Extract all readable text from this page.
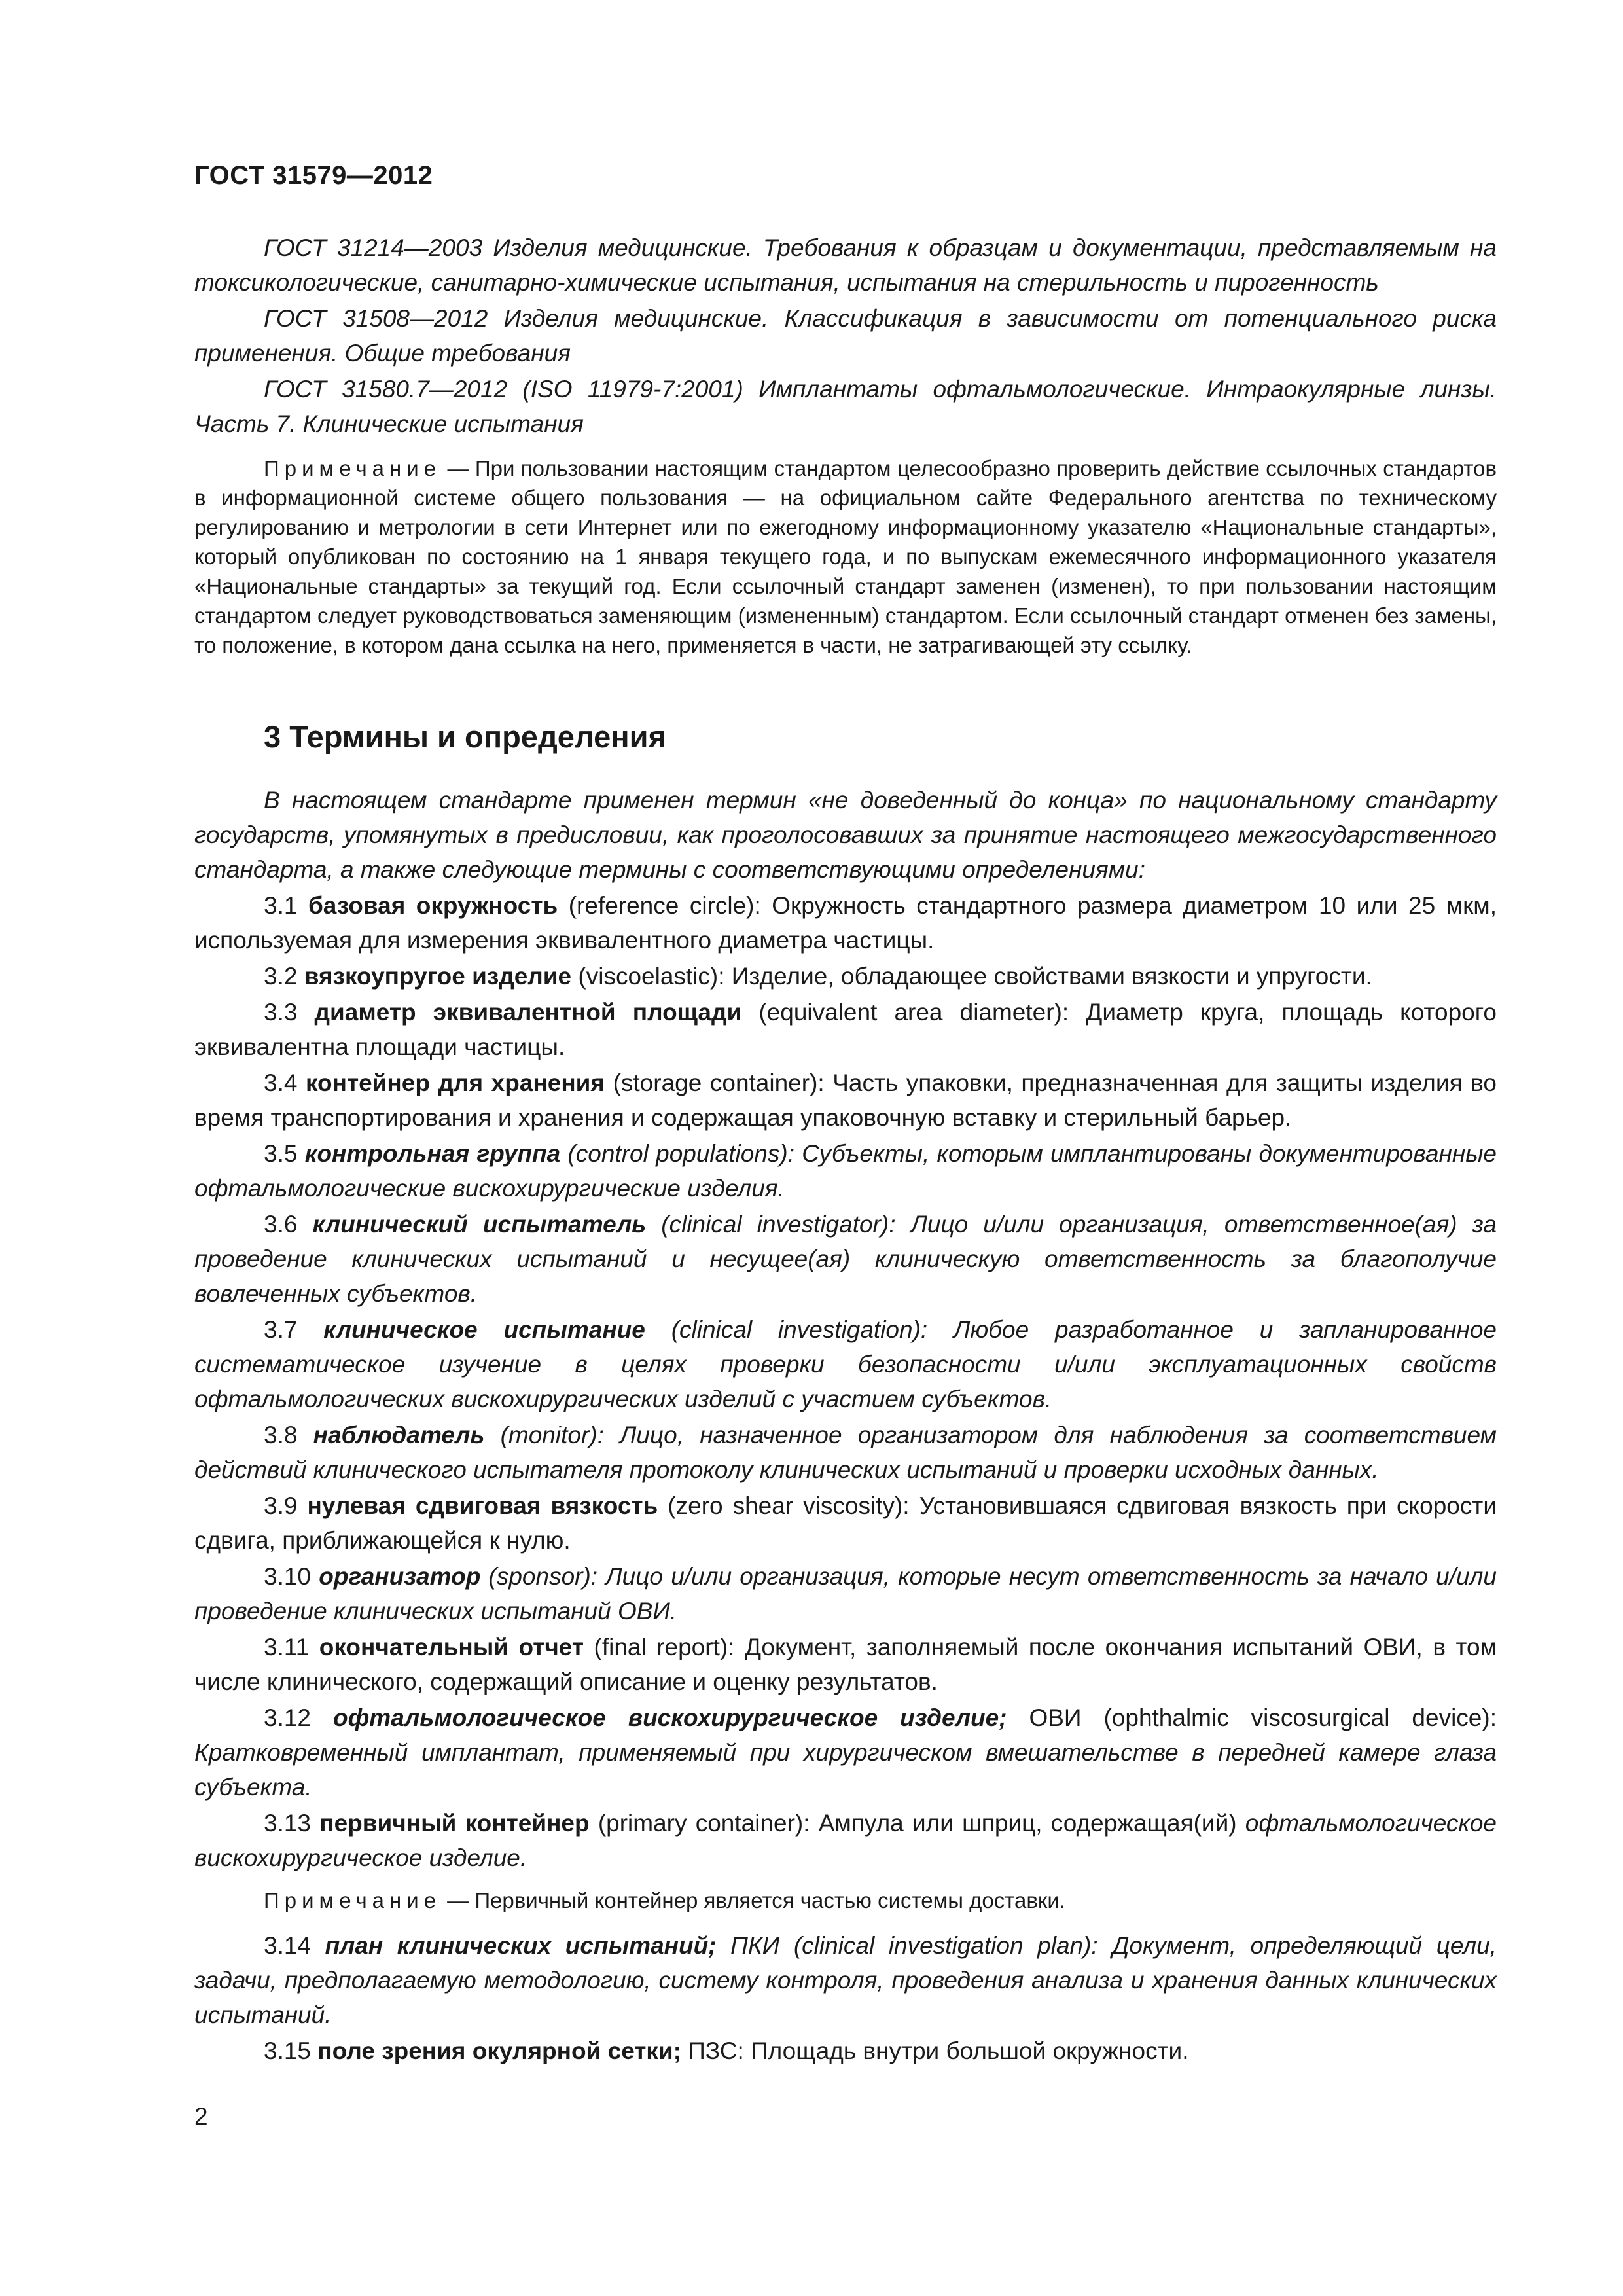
ГОСТ 31579—2012

ГОСТ 31214—2003 Изделия медицинские. Требования к образцам и документации, представляемым на токсикологические, санитарно-химические испытания, испытания на стерильность и пирогенность

ГОСТ 31508—2012 Изделия медицинские. Классификация в зависимости от потенциального риска применения. Общие требования

ГОСТ 31580.7—2012 (ISO 11979-7:2001) Имплантаты офтальмологические. Интраокулярные линзы. Часть 7. Клинические испытания

Примечание — При пользовании настоящим стандартом целесообразно проверить действие ссылочных стандартов в информационной системе общего пользования — на официальном сайте Федерального агентства по техническому регулированию и метрологии в сети Интернет или по ежегодному информационному указателю «Национальные стандарты», который опубликован по состоянию на 1 января текущего года, и по выпускам ежемесячного информационного указателя «Национальные стандарты» за текущий год. Если ссылочный стандарт заменен (изменен), то при пользовании настоящим стандартом следует руководствоваться заменяющим (измененным) стандартом. Если ссылочный стандарт отменен без замены, то положение, в котором дана ссылка на него, применяется в части, не затрагивающей эту ссылку.
3 Термины и определения

В настоящем стандарте применен термин «не доведенный до конца» по национальному стандарту государств, упомянутых в предисловии, как проголосовавших за принятие настоящего межгосударственного стандарта, а также следующие термины с соответствующими определениями:

3.1 базовая окружность (reference circle): Окружность стандартного размера диаметром 10 или 25 мкм, используемая для измерения эквивалентного диаметра частицы.

3.2 вязкоупругое изделие (viscoelastic): Изделие, обладающее свойствами вязкости и упругости.

3.3 диаметр эквивалентной площади (equivalent area diameter): Диаметр круга, площадь которого эквивалентна площади частицы.

3.4 контейнер для хранения (storage container): Часть упаковки, предназначенная для защиты изделия во время транспортирования и хранения и содержащая упаковочную вставку и стерильный барьер.

3.5 контрольная группа (control populations): Субъекты, которым имплантированы документированные офтальмологические вискохирургические изделия.

3.6 клинический испытатель (clinical investigator): Лицо и/или организация, ответственное(ая) за проведение клинических испытаний и несущее(ая) клиническую ответственность за благополучие вовлеченных субъектов.

3.7 клиническое испытание (clinical investigation): Любое разработанное и запланированное систематическое изучение в целях проверки безопасности и/или эксплуатационных свойств офтальмологических вискохирургических изделий с участием субъектов.

3.8 наблюдатель (monitor): Лицо, назначенное организатором для наблюдения за соответствием действий клинического испытателя протоколу клинических испытаний и проверки исходных данных.

3.9 нулевая сдвиговая вязкость (zero shear viscosity): Установившаяся сдвиговая вязкость при скорости сдвига, приближающейся к нулю.

3.10 организатор (sponsor): Лицо и/или организация, которые несут ответственность за начало и/или проведение клинических испытаний ОВИ.

3.11 окончательный отчет (final report): Документ, заполняемый после окончания испытаний ОВИ, в том числе клинического, содержащий описание и оценку результатов.

3.12 офтальмологическое вискохирургическое изделие; ОВИ (ophthalmic viscosurgical device): Кратковременный имплантат, применяемый при хирургическом вмешательстве в передней камере глаза субъекта.

3.13 первичный контейнер (primary container): Ампула или шприц, содержащая(ий) офтальмологическое вискохирургическое изделие.

Примечание — Первичный контейнер является частью системы доставки.

3.14 план клинических испытаний; ПКИ (clinical investigation plan): Документ, определяющий цели, задачи, предполагаемую методологию, систему контроля, проведения анализа и хранения данных клинических испытаний.

3.15 поле зрения окулярной сетки; ПЗС: Площадь внутри большой окружности.

2
